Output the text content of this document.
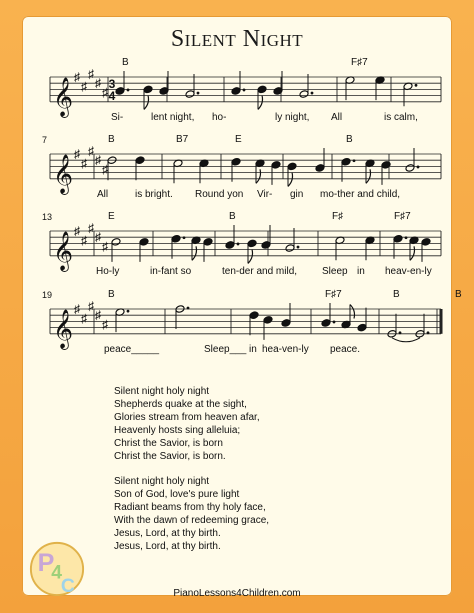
Silent Night
𝄞
♯
♯
♯
♯
♯
3
4
B	F♯7
Si-	lent night, ho-	ly night, All	is calm,
𝄞
♯
♯
♯
♯
♯
7	B	B7	E	B
All	is bright. Round yon Vir- gin mo-ther and child,
𝄞
♯
♯
♯
♯
♯
13	E	B	F♯	F♯7
Ho-ly	in-fant so	ten-der and mild, Sleep in heav-en-ly
𝄞
♯
♯
♯
♯
♯
19	B	F♯7	B	B
peace_____	Sleep___ in hea-ven-ly peace.
Silent night holy night
Shepherds quake at the sight,
Glories stream from heaven afar,
Heavenly hosts sing alleluia;
Christ the Savior, is born
Christ the Savior, is born.
Silent night holy night
Son of God, love's pure light
Radiant beams from thy holy face,
With the dawn of redeeming grace,
Jesus, Lord, at thy birth.
Jesus, Lord, at thy birth.
P
4
C	PianoLessons4Children.com
